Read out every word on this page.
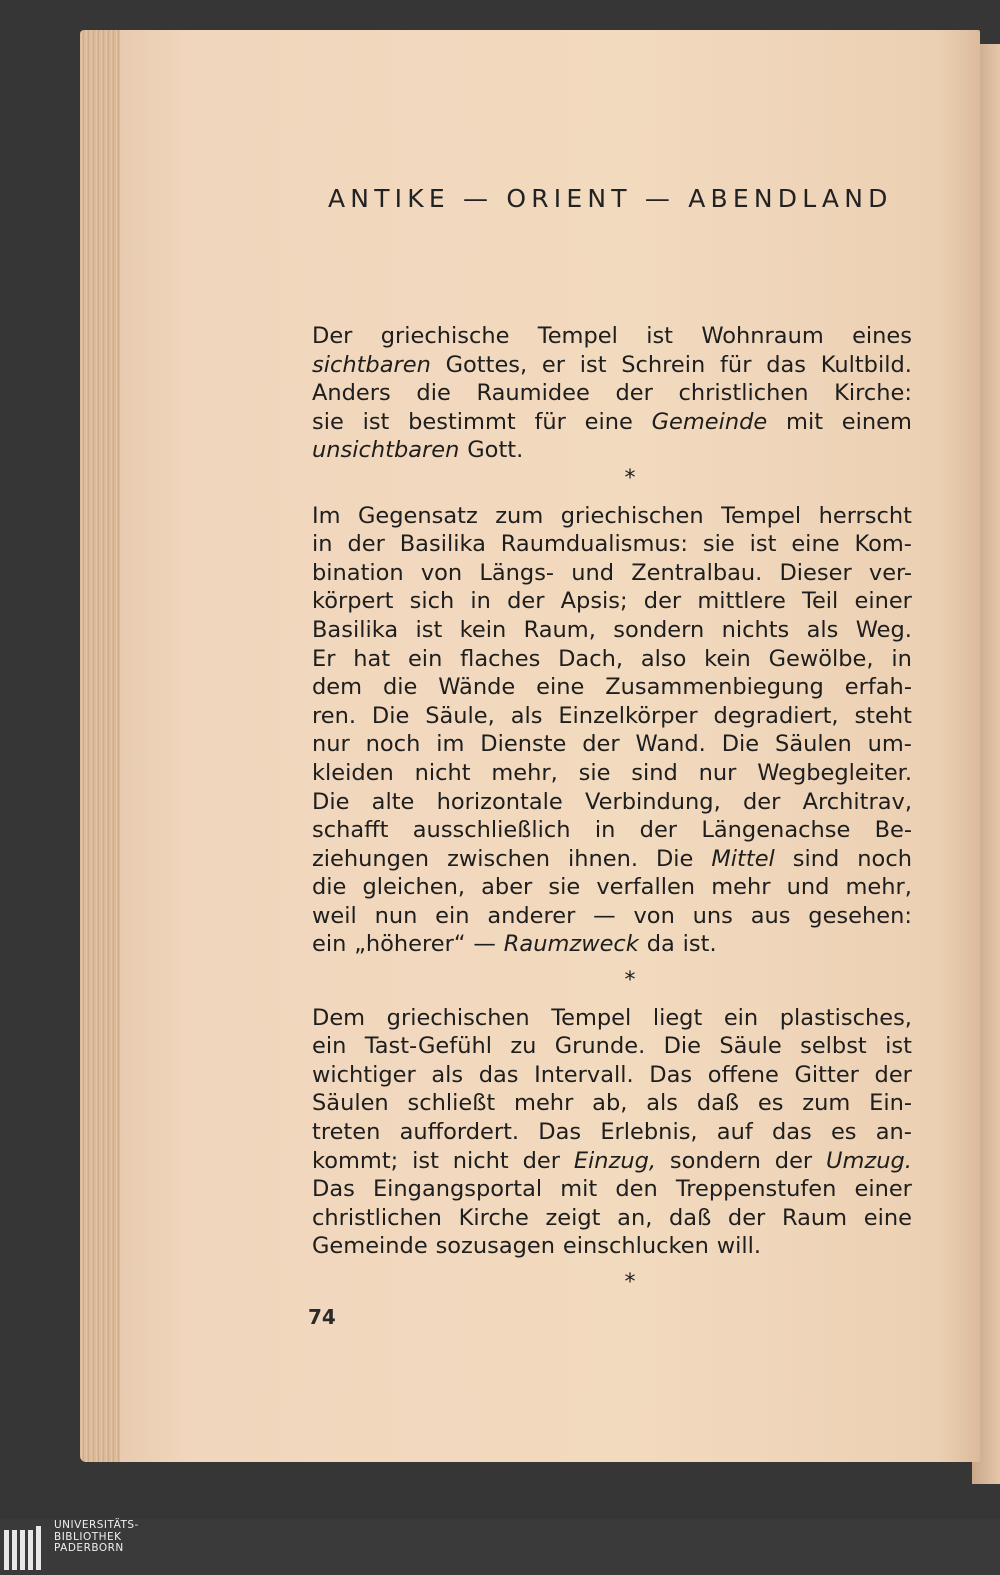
ANTIKE — ORIENT — ABENDLAND
Der griechische Tempel ist Wohnraum eines
sichtbaren Gottes, er ist Schrein für das Kultbild.
Anders die Raumidee der christlichen Kirche:
sie ist bestimmt für eine Gemeinde mit einem
unsichtbaren Gott.
*
Im Gegensatz zum griechischen Tempel herrscht
in der Basilika Raumdualismus: sie ist eine Kom-
bination von Längs- und Zentralbau. Dieser ver-
körpert sich in der Apsis; der mittlere Teil einer
Basilika ist kein Raum, sondern nichts als Weg.
Er hat ein flaches Dach, also kein Gewölbe, in
dem die Wände eine Zusammenbiegung erfah-
ren. Die Säule, als Einzelkörper degradiert, steht
nur noch im Dienste der Wand. Die Säulen um-
kleiden nicht mehr, sie sind nur Wegbegleiter.
Die alte horizontale Verbindung, der Architrav,
schafft ausschließlich in der Längenachse Be-
ziehungen zwischen ihnen. Die Mittel sind noch
die gleichen, aber sie verfallen mehr und mehr,
weil nun ein anderer — von uns aus gesehen:
ein „höherer“ — Raumzweck da ist.
*
Dem griechischen Tempel liegt ein plastisches,
ein Tast-Gefühl zu Grunde. Die Säule selbst ist
wichtiger als das Intervall. Das offene Gitter der
Säulen schließt mehr ab, als daß es zum Ein-
treten auffordert. Das Erlebnis, auf das es an-
kommt; ist nicht der Einzug, sondern der Umzug.
Das Eingangsportal mit den Treppenstufen einer
christlichen Kirche zeigt an, daß der Raum eine
Gemeinde sozusagen einschlucken will.
*
74
UNIVERSITÄTS-
BIBLIOTHEK
PADERBORN
